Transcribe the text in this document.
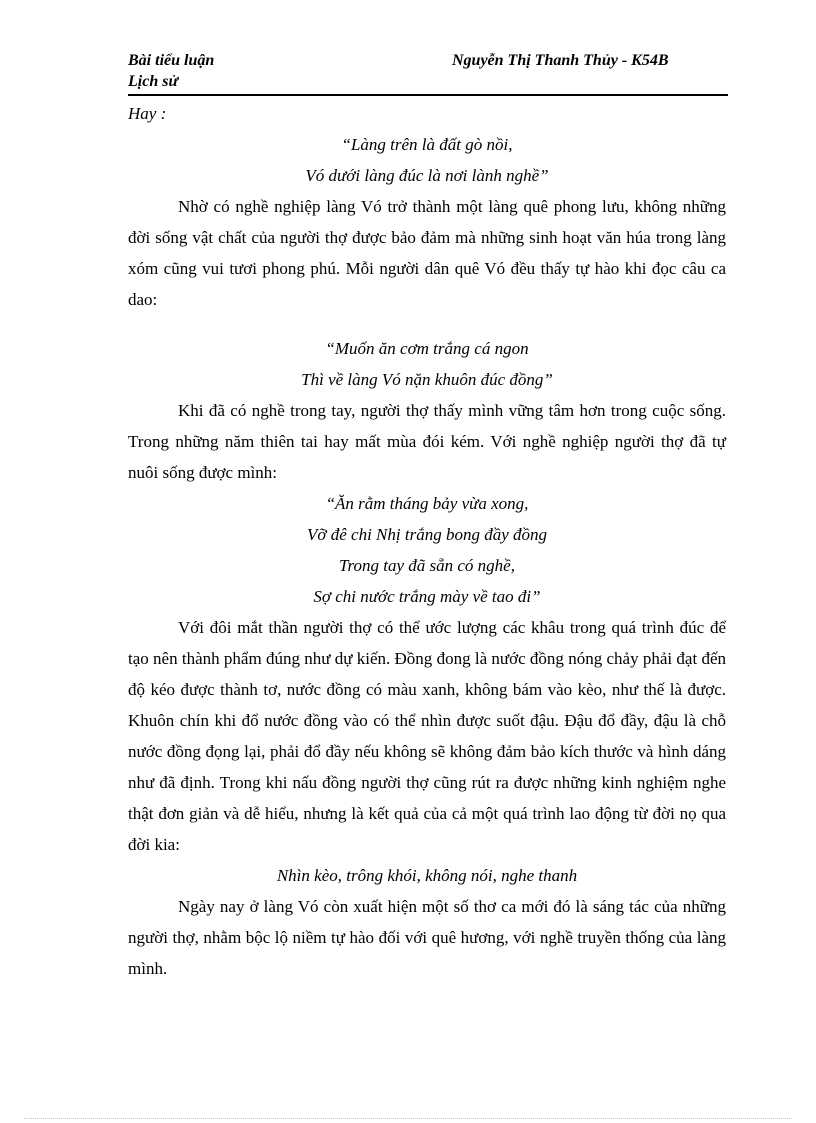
Bài tiểu luận
Lịch sử
Nguyễn Thị Thanh Thủy - K54B
Hay :
“Làng trên là đất gò nồi,
Vó dưới làng đúc là nơi lành nghề”
Nhờ có nghề nghiệp làng Vó trở thành một làng quê phong lưu, không những đời sống vật chất của người thợ được bảo đảm mà những sinh hoạt văn húa trong làng xóm cũng vui tươi phong phú. Mỗi người dân quê Vó đều thấy tự hào khi đọc câu ca dao:
“Muốn ăn cơm trắng cá ngon
Thì về làng Vó nặn khuôn đúc đồng”
Khi đã có nghề trong tay, người thợ thấy mình vững tâm hơn trong cuộc sống. Trong những năm thiên tai hay mất mùa đói kém. Với nghề nghiệp người thợ đã tự nuôi sống được mình:
“Ăn rằm tháng bảy vừa xong,
Vỡ đê chi Nhị trắng bong đầy đồng
Trong tay đã sẵn có nghề,
Sợ chi nước trắng mày về tao đi”
Với đôi mắt thần người thợ có thể ước lượng các khâu trong quá trình đúc để tạo nên thành phẩm đúng như dự kiến. Đồng đong là nước đồng nóng chảy phải đạt đến độ kéo được thành tơ, nước đồng có màu xanh, không bám vào kèo, như thế là được. Khuôn chín khi đổ nước đồng vào có thể nhìn được suốt đậu. Đậu đổ đầy, đậu là chỗ nước đồng đọng lại, phải đổ đầy nếu không sẽ không đảm bảo kích thước và hình dáng như đã định. Trong khi nấu đồng người thợ cũng rút ra được những kinh nghiệm nghe thật đơn giản và dễ hiểu, nhưng là kết quả của cả một quá trình lao động từ đời nọ qua đời kia:
Nhìn kèo, trông khói, không nói, nghe thanh
Ngày nay ở làng Vó còn xuất hiện một số thơ ca mới đó là sáng tác của những người thợ, nhằm bộc lộ niềm tự hào đối với quê hương, với nghề truyền thống của làng mình.
